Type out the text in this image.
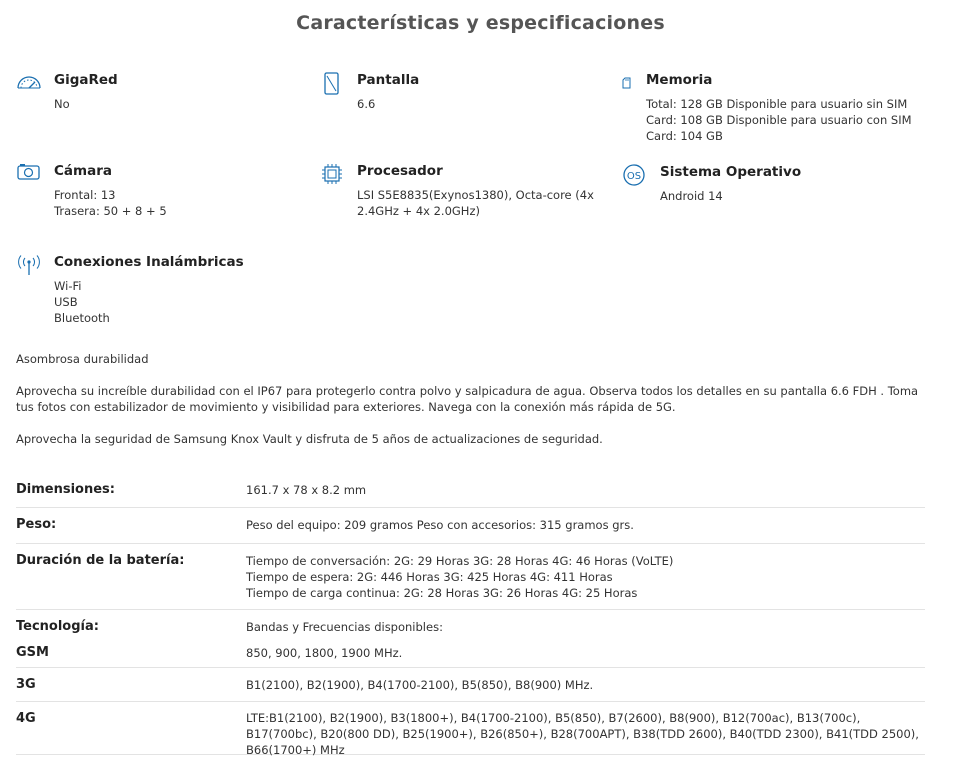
Características y especificaciones
GigaRed
No
Pantalla
6.6
Memoria
Total: 128 GB Disponible para usuario sin SIM
Card: 108 GB Disponible para usuario con SIM
Card: 104 GB
Cámara
Frontal: 13
Trasera: 50 + 8 + 5
Procesador
LSI S5E8835(Exynos1380), Octa-core (4x
2.4GHz + 4x 2.0GHz)
OS Sistema Operativo
Android 14
Conexiones Inalámbricas
Wi-Fi
USB
Bluetooth
Asombrosa durabilidad
Aprovecha su increíble durabilidad con el IP67 para protegerlo contra polvo y salpicadura de agua. Observa todos los detalles en su pantalla 6.6 FDH . Toma tus fotos con estabilizador de movimiento y visibilidad para exteriores. Navega con la conexión más rápida de 5G.
Aprovecha la seguridad de Samsung Knox Vault y disfruta de 5 años de actualizaciones de seguridad.
Dimensiones:	161.7 x 78 x 8.2 mm
Peso:	Peso del equipo: 209 gramos Peso con accesorios: 315 gramos grs.
Duración de la batería:	Tiempo de conversación: 2G: 29 Horas 3G: 28 Horas 4G: 46 Horas (VoLTE)
Tiempo de espera: 2G: 446 Horas 3G: 425 Horas 4G: 411 Horas
Tiempo de carga continua: 2G: 28 Horas 3G: 26 Horas 4G: 25 Horas
Tecnología:	Bandas y Frecuencias disponibles:
GSM	850, 900, 1800, 1900 MHz.
3G	B1(2100), B2(1900), B4(1700-2100), B5(850), B8(900) MHz.
4G	LTE:B1(2100), B2(1900), B3(1800+), B4(1700-2100), B5(850), B7(2600), B8(900), B12(700ac), B13(700c), B17(700bc), B20(800 DD), B25(1900+), B26(850+), B28(700APT), B38(TDD 2600), B40(TDD 2300), B41(TDD 2500), B66(1700+) MHz
